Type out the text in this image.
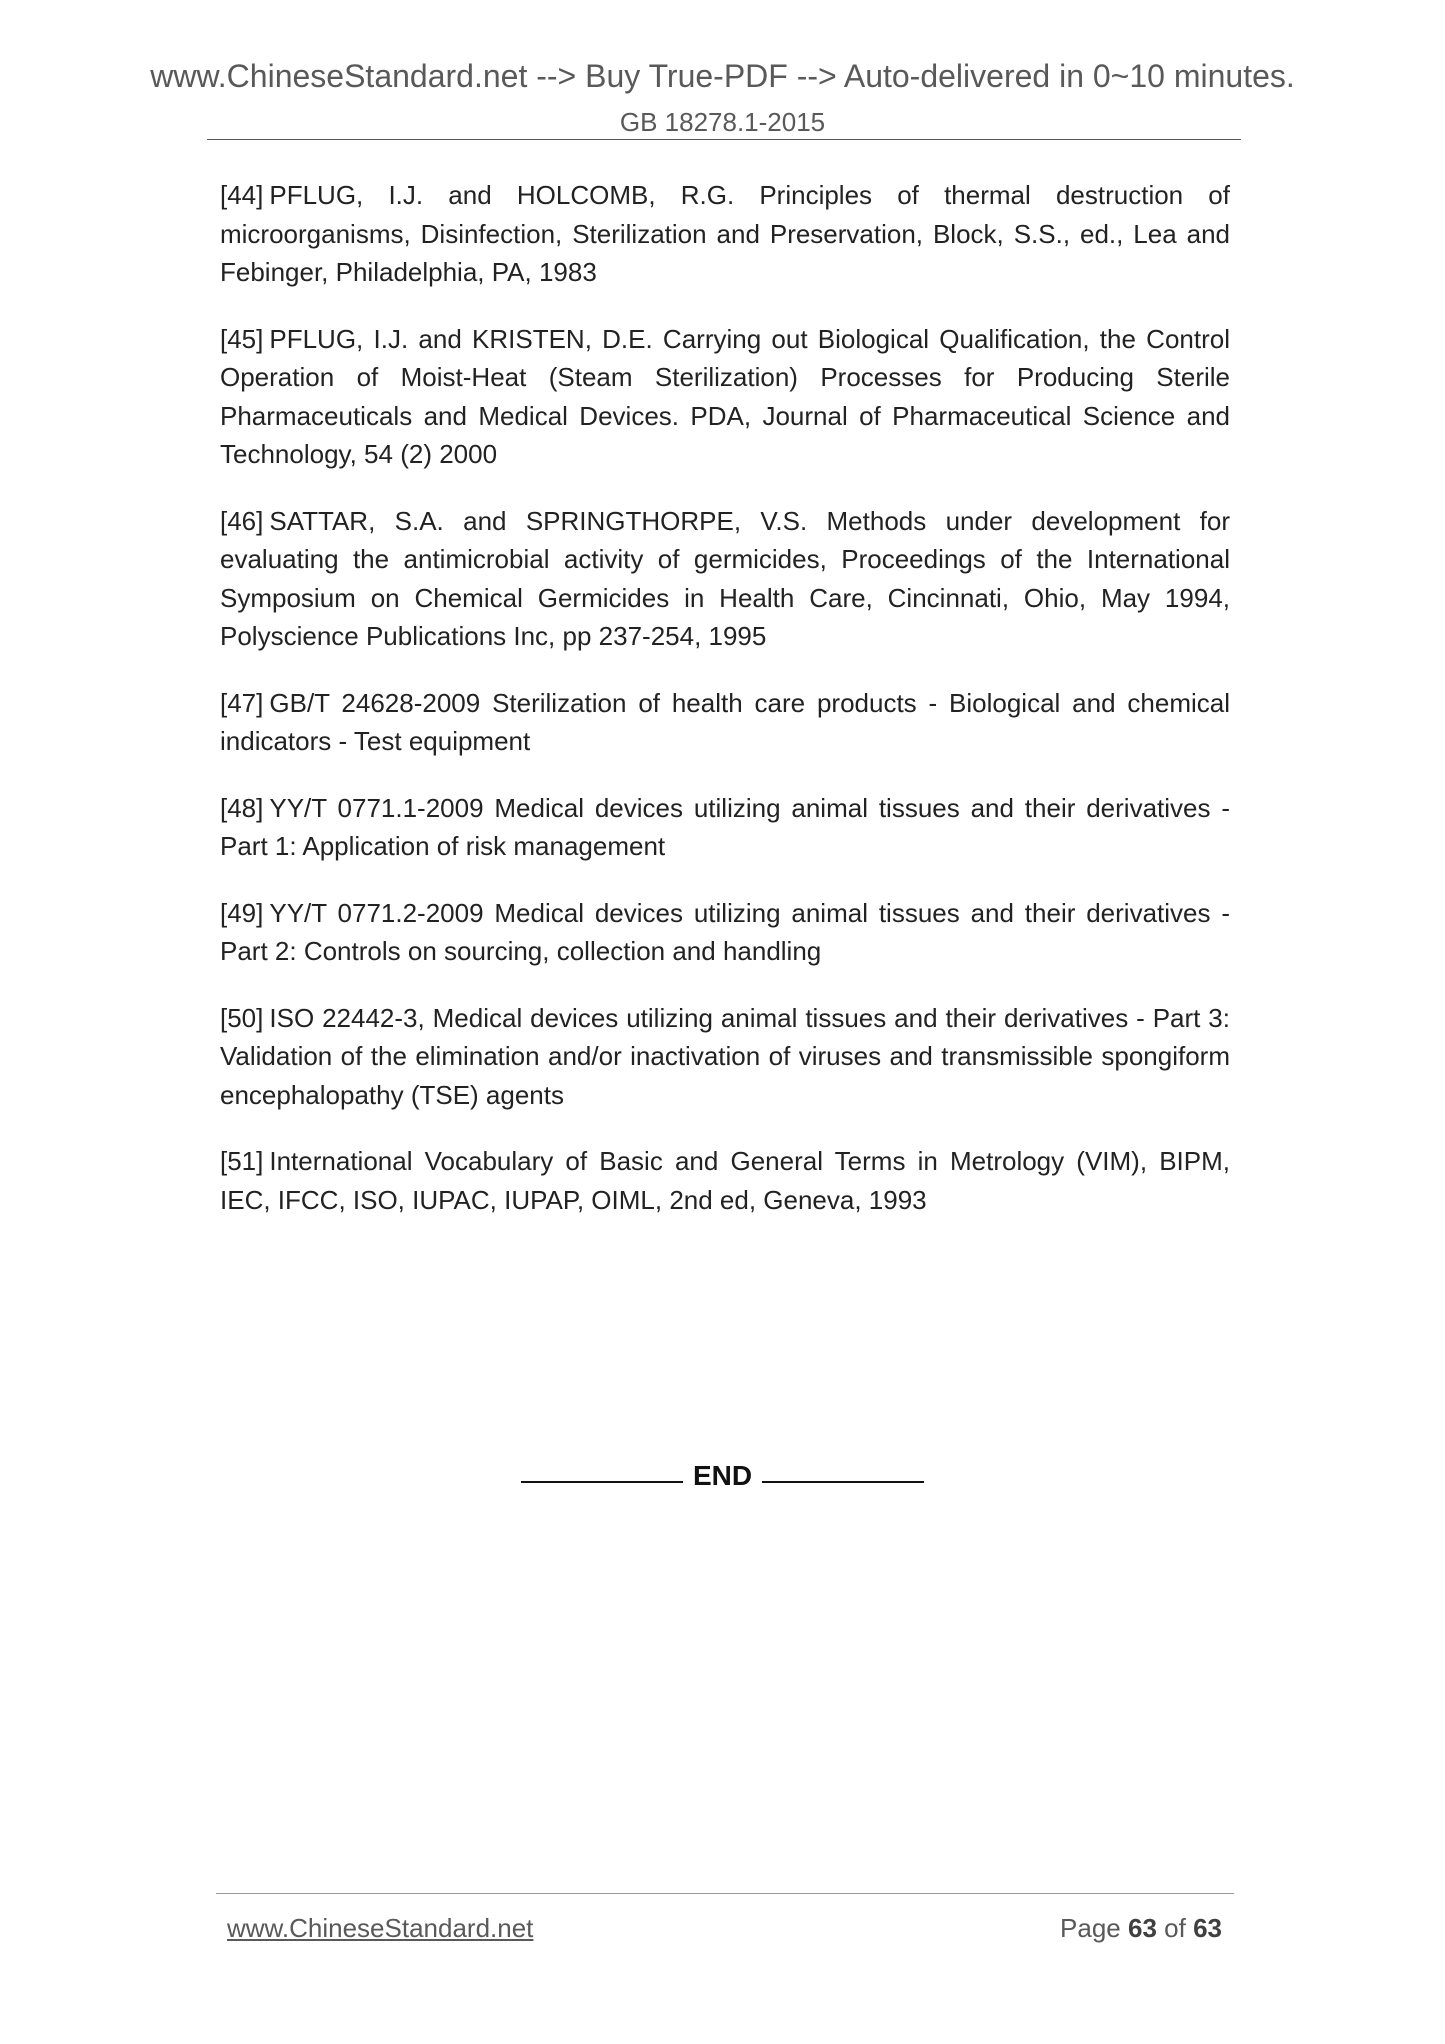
www.ChineseStandard.net --> Buy True-PDF --> Auto-delivered in 0~10 minutes.
GB 18278.1-2015

[44] PFLUG, I.J. and HOLCOMB, R.G. Principles of thermal destruction of microorganisms, Disinfection, Sterilization and Preservation, Block, S.S., ed., Lea and Febinger, Philadelphia, PA, 1983

[45] PFLUG, I.J. and KRISTEN, D.E. Carrying out Biological Qualification, the Control Operation of Moist-Heat (Steam Sterilization) Processes for Producing Sterile Pharmaceuticals and Medical Devices. PDA, Journal of Pharmaceutical Science and Technology, 54 (2) 2000

[46] SATTAR, S.A. and SPRINGTHORPE, V.S. Methods under development for evaluating the antimicrobial activity of germicides, Proceedings of the International Symposium on Chemical Germicides in Health Care, Cincinnati, Ohio, May 1994, Polyscience Publications Inc, pp 237-254, 1995

[47] GB/T 24628-2009 Sterilization of health care products - Biological and chemical indicators - Test equipment

[48] YY/T 0771.1-2009 Medical devices utilizing animal tissues and their derivatives - Part 1: Application of risk management

[49] YY/T 0771.2-2009 Medical devices utilizing animal tissues and their derivatives - Part 2: Controls on sourcing, collection and handling

[50] ISO 22442-3, Medical devices utilizing animal tissues and their derivatives - Part 3: Validation of the elimination and/or inactivation of viruses and transmissible spongiform encephalopathy (TSE) agents

[51] International Vocabulary of Basic and General Terms in Metrology (VIM), BIPM, IEC, IFCC, ISO, IUPAC, IUPAP, OIML, 2nd ed, Geneva, 1993

END
www.ChineseStandard.net	Page 63 of 63
